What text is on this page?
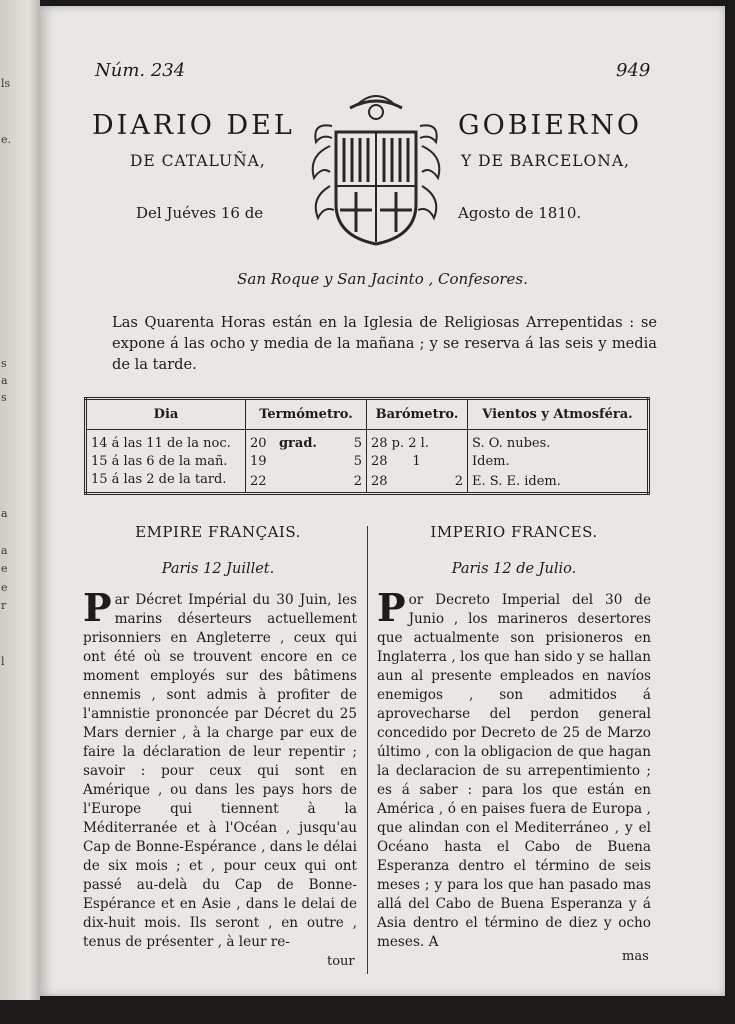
ls
e.
s
a
s
a
a
e
e
r
l
Núm. 234	949
DIARIO DEL	GOBIERNO
DE CATALUÑA,	Y DE BARCELONA,
Del Juéves 16 de	Agosto de 1810.
San Roque y San Jacinto , Confesores.

Las Quarenta Horas están en la Iglesia de Religiosas Arrepentidas : se expone á las ocho y media de la mañana ; y se reserva á las seis y media de la tarde.

Dia	Termómetro.	Barómetro.	Vientos y Atmosféra.
14 á las 11 de la noc.	20 grad. 5	28 p. 2 l.	S. O. nubes.
15 á las 6 de la mañ.	19 5	28 1	Idem.
15 á las 2 de la tard.	22 2	28 2	E. S. E. idem.
EMPIRE FRANÇAIS.
Paris 12 Juillet.
P ar Décret Impérial du 30 Juin, les marins déserteurs actuellement prisonniers en Angleterre , ceux qui ont été où se trouvent encore en ce moment employés sur des bâtimens ennemis , sont admis à profiter de l'amnistie prononcée par Décret du 25 Mars dernier , à la charge par eux de faire la déclaration de leur repentir ; savoir : pour ceux qui sont en Amérique , ou dans les pays hors de l'Europe qui tiennent à la Méditerranée et à l'Océan , jusqu'au Cap de Bonne-Espérance , dans le délai de six mois ; et , pour ceux qui ont passé au-delà du Cap de Bonne-Espérance et en Asie , dans le delai de dix-huit mois. Ils seront , en outre , tenus de présenter , à leur re-

tour
IMPERIO FRANCES.
Paris 12 de Julio.
P or Decreto Imperial del 30 de Junio , los marineros desertores que actualmente son prisioneros en Inglaterra , los que han sido y se hallan aun al presente empleados en navíos enemigos , son admitidos á aprovecharse del perdon general concedido por Decreto de 25 de Marzo último , con la obligacion de que hagan la declaracion de su arrepentimiento ; es á saber : para los que están en América , ó en paises fuera de Europa , que alindan con el Mediterráneo , y el Océano hasta el Cabo de Buena Esperanza dentro el término de seis meses ; y para los que han pasado mas allá del Cabo de Buena Esperanza y á Asia dentro el término de diez y ocho meses. A

mas
